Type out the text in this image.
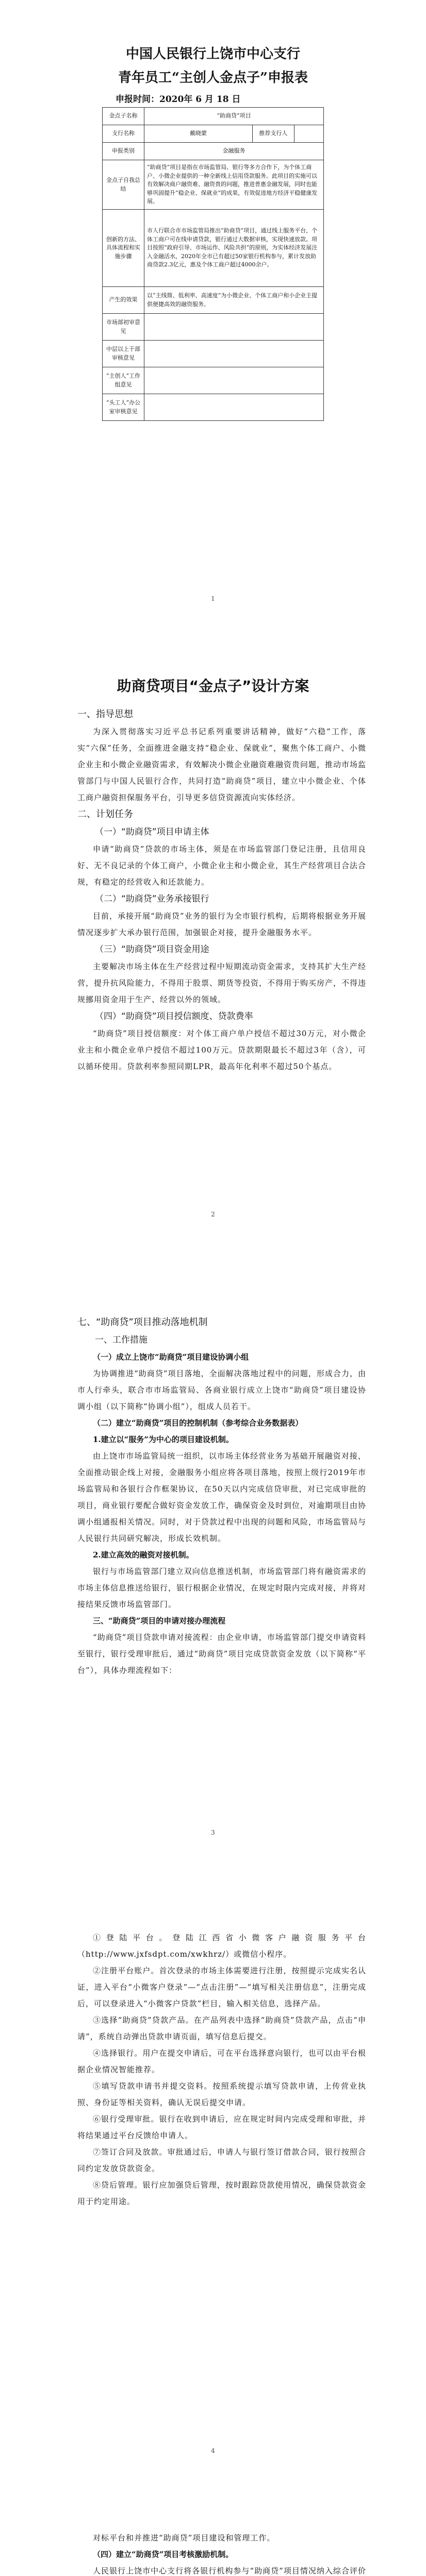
中国人民银行上饶市中心支行
青年员工“主创人金点子”申报表
申报时间：2020年 6 月 18 日
金点子名称	“助商贷”项目		
支行名称	戴晓蒙	推荐支行人	
申报类别	金融服务		
金点子自我总结	“助商贷”项目是指在市场监管局、银行等多方合作下，为个体工商户、小微企业提供的一种全新线上信用贷款服务。此项目的实施可以有效解决商户融资难、融资贵的问题，推进普惠金融发展，同时也能够巩固提升“稳企业、保就业”的成果，有效促进地方经济平稳健康发展。		
创新的方法、具体流程和实施步骤	市人行联合市市场监管局推出“助商贷”项目，通过线上服务平台，个体工商户可在线申请贷款，银行通过大数据审核，实现快速放款。项目按照“政府引导、市场运作、风险共担”的原则，为实体经济发展注入金融活水，2020年全市已有超过50家银行机构参与，累计发放助商贷款2.3亿元，惠及个体工商户超过4000余户。		
产生的效果	以“主线简、低利率、高速度”为小微企业、个体工商户和小企业主提供便捷高效的融资服务。		
市场部初审意见			
中层以上干部审核意见			
“主创人”工作组意见			
“头工人”办公室审核意见			
1
助商贷项目“金点子”设计方案

一、指导思想

为深入贯彻落实习近平总书记系列重要讲话精神，做好“六稳”工作，落实“六保”任务，全面推进金融支持“稳企业、保就业”，聚焦个体工商户、小微企业主和小微企业融资需求，有效解决小微企业融资难融资贵问题，推动市场监管部门与中国人民银行合作，共同打造“助商贷”项目，建立中小微企业、个体工商户融资担保服务平台，引导更多信贷资源流向实体经济。

二、计划任务

（一）“助商贷”项目申请主体

申请“助商贷”贷款的市场主体，须是在市场监管部门登记注册，且信用良好、无不良记录的个体工商户，小微企业主和小微企业，其生产经营项目合法合规，有稳定的经营收入和还款能力。

（二）“助商贷”业务承接银行

目前，承接开展“助商贷”业务的银行为全市银行机构，后期将根据业务开展情况逐步扩大承办银行范围，加强银企对接，提升金融服务水平。

（三）“助商贷”项目资金用途

主要解决市场主体在生产经营过程中短期流动资金需求，支持其扩大生产经营，提升抗风险能力，不得用于股票、期货等投资，不得用于购买房产，不得违规挪用资金用于生产、经营以外的领域。

（四）“助商贷”项目授信额度、贷款费率

“助商贷”项目授信额度：对个体工商户单户授信不超过30万元，对小微企业主和小微企业单户授信不超过100万元。贷款期限最长不超过3年（含），可以循环使用。贷款利率参照同期LPR，最高年化利率不超过50个基点。

2

七、“助商贷”项目推动落地机制

一、工作措施

（一）成立上饶市“助商贷”项目建设协调小组

为协调推进“助商贷”项目落地，全面解决落地过程中的问题，形成合力，由市人行牵头，联合市市场监管局、各商业银行成立上饶市“助商贷”项目建设协调小组（以下简称“协调小组”），组成人员若干。

（二）建立“助商贷”项目的控制机制（参考综合业务数据表）

1.建立以“服务”为中心的项目建设机制。

由上饶市市场监管局统一组织，以市场主体经营业务为基础开展融资对接，全面推动银企线上对接，金融服务小组应将各项目落地，按照上级行2019年市场监管局和各银行合作框架协议，在50天以内完成信贷审批，对已完成审批的项目，商业银行要配合做好资金发放工作，确保资金及时到位，对逾期项目由协调小组通报相关情况。同时，对于贷款过程中出现的问题和风险，市场监管局与人民银行共同研究解决，形成长效机制。

2.建立高效的融资对接机制。

银行与市场监管部门建立双向信息推送机制，市场监管部门将有融资需求的市场主体信息推送给银行，银行根据企业情况，在规定时限内完成对接，并将对接结果反馈市场监管部门。

三、“助商贷”项目的申请对接办理流程

“助商贷”项目贷款申请对接流程：由企业申请，市场监管部门提交申请资料至银行，银行受理审批后，通过“助商贷”项目完成贷款资金发放（以下简称“平台”），具体办理流程如下：

3

①登陆平台。登陆江西省小微客户融资服务平台（http://www.jxfsdpt.com/xwkhrz/）或微信小程序。

②注册平台账户。首次登录的市场主体需要进行注册，按照提示完成实名认证，进入平台“小微客户登录”—“点击注册”—“填写相关注册信息”，注册完成后，可以登录进入“小微客户贷款”栏目，输入相关信息，选择产品。

③选择“助商贷”贷款产品。在产品列表中选择“助商贷”贷款产品，点击“申请”，系统自动弹出贷款申请页面，填写信息后提交。

④选择银行。用户在提交申请后，可在平台选择意向银行，也可以由平台根据企业情况智能推荐。

⑤填写贷款申请书并提交资料。按照系统提示填写贷款申请，上传营业执照、身份证等相关资料，确认无误后提交申请。

⑥银行受理审批。银行在收到申请后，应在规定时间内完成受理和审批，并将结果通过平台反馈给申请人。

⑦签订合同及放款。审批通过后，申请人与银行签订借款合同，银行按照合同约定发放贷款资金。

⑧贷后管理。银行应加强贷后管理，按时跟踪贷款使用情况，确保贷款资金用于约定用途。

4

对标平台和并推进“助商贷”项目建设和管理工作。

（四）建立“助商贷”项目考核激励机制。

人民银行上饶市中心支行将各银行机构参与“助商贷”项目情况纳入综合评价
